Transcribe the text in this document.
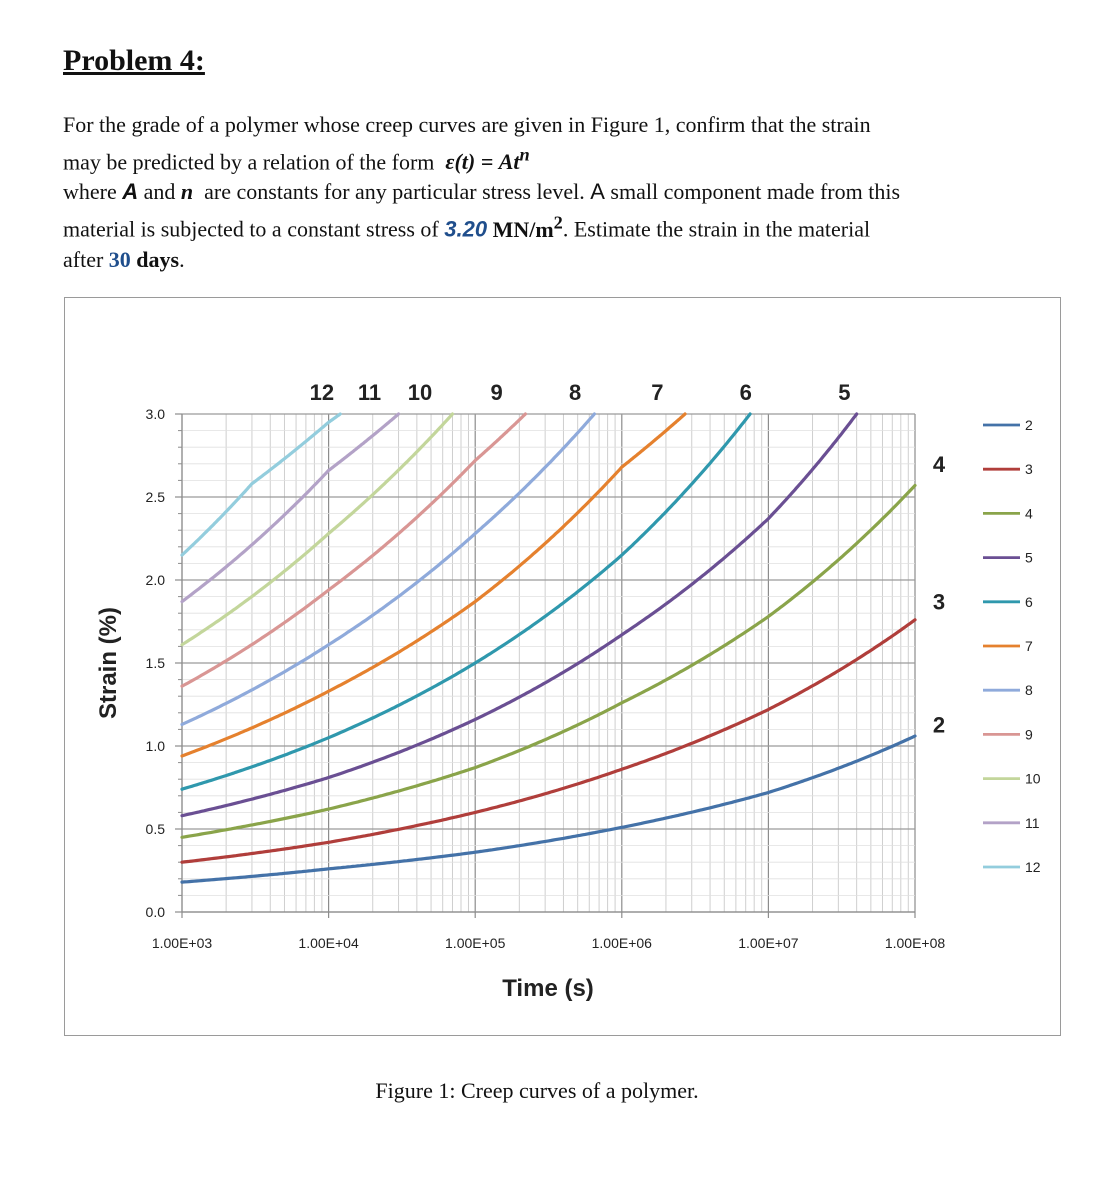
Problem 4:
For the grade of a polymer whose creep curves are given in Figure 1, confirm that the strain
may be predicted by a relation of the form $\varepsilon(t) = At^n$
where A and n are constants for any particular stress level. A small component made from this
material is subjected to a constant stress of 3.20 $MN/m^2$. Estimate the strain in the material
after 30 days.
0.0
0.5
1.0
1.5
2.0
2.5
3.0
1.00E+03	1.00E+04	1.00E+05	1.00E+06	1.00E+07	1.00E+08
Time (s)
Strain (%)
12 11 10	9	8	7	6	5
4
3
2
2
3
4
5
6
7
8
9
10
11
12

Figure 1: Creep curves of a polymer.
